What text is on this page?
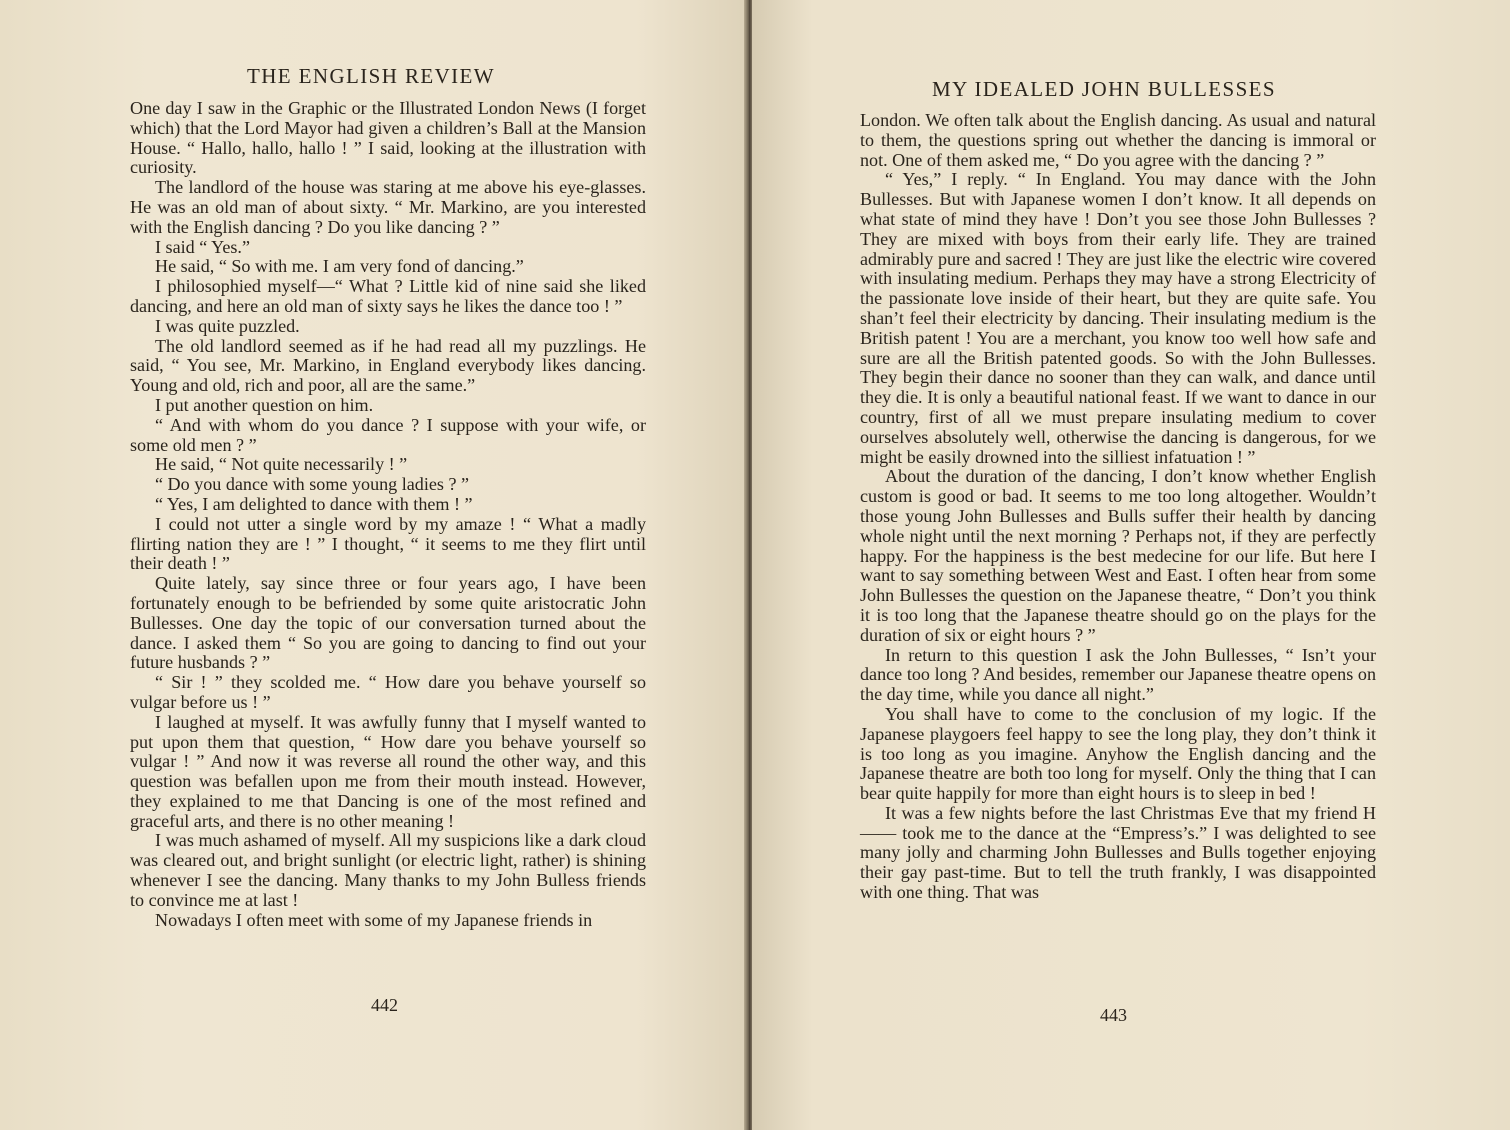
THE ENGLISH REVIEW

One day I saw in the Graphic or the Illustrated London News (I forget which) that the Lord Mayor had given a children’s Ball at the Mansion House. “ Hallo, hallo, hallo ! ” I said, looking at the illustration with curiosity.

The landlord of the house was staring at me above his eye-glasses. He was an old man of about sixty. “ Mr. Markino, are you interested with the English dancing ? Do you like dancing ? ”

I said “ Yes.”

He said, “ So with me. I am very fond of dancing.”

I philosophied myself—“ What ? Little kid of nine said she liked dancing, and here an old man of sixty says he likes the dance too ! ”

I was quite puzzled.

The old landlord seemed as if he had read all my puzzlings. He said, “ You see, Mr. Markino, in England everybody likes dancing. Young and old, rich and poor, all are the same.”

I put another question on him.

“ And with whom do you dance ? I suppose with your wife, or some old men ? ”

He said, “ Not quite necessarily ! ”

“ Do you dance with some young ladies ? ”

“ Yes, I am delighted to dance with them ! ”

I could not utter a single word by my amaze ! “ What a madly flirting nation they are ! ” I thought, “ it seems to me they flirt until their death ! ”

Quite lately, say since three or four years ago, I have been fortunately enough to be befriended by some quite aristocratic John Bullesses. One day the topic of our conversation turned about the dance. I asked them “ So you are going to dancing to find out your future husbands ? ”

“ Sir ! ” they scolded me. “ How dare you behave yourself so vulgar before us ! ”

I laughed at myself. It was awfully funny that I myself wanted to put upon them that question, “ How dare you behave yourself so vulgar ! ” And now it was reverse all round the other way, and this question was befallen upon me from their mouth instead. However, they explained to me that Dancing is one of the most refined and graceful arts, and there is no other meaning !

I was much ashamed of myself. All my suspicions like a dark cloud was cleared out, and bright sunlight (or electric light, rather) is shining whenever I see the dancing. Many thanks to my John Bulless friends to convince me at last !

Nowadays I often meet with some of my Japanese friends in

442
MY IDEALED JOHN BULLESSES

London. We often talk about the English dancing. As usual and natural to them, the questions spring out whether the dancing is immoral or not. One of them asked me, “ Do you agree with the dancing ? ”

“ Yes,” I reply. “ In England. You may dance with the John Bullesses. But with Japanese women I don’t know. It all depends on what state of mind they have ! Don’t you see those John Bullesses ? They are mixed with boys from their early life. They are trained admirably pure and sacred ! They are just like the electric wire covered with insulating medium. Perhaps they may have a strong Electricity of the passionate love inside of their heart, but they are quite safe. You shan’t feel their electricity by dancing. Their insulating medium is the British patent ! You are a merchant, you know too well how safe and sure are all the British patented goods. So with the John Bullesses. They begin their dance no sooner than they can walk, and dance until they die. It is only a beautiful national feast. If we want to dance in our country, first of all we must prepare insulating medium to cover ourselves absolutely well, otherwise the dancing is dangerous, for we might be easily drowned into the silliest infatuation ! ”

About the duration of the dancing, I don’t know whether English custom is good or bad. It seems to me too long altogether. Wouldn’t those young John Bullesses and Bulls suffer their health by dancing whole night until the next morning ? Perhaps not, if they are perfectly happy. For the happiness is the best medecine for our life. But here I want to say something between West and East. I often hear from some John Bullesses the question on the Japanese theatre, “ Don’t you think it is too long that the Japanese theatre should go on the plays for the duration of six or eight hours ? ”

In return to this question I ask the John Bullesses, “ Isn’t your dance too long ? And besides, remember our Japanese theatre opens on the day time, while you dance all night.”

You shall have to come to the conclusion of my logic. If the Japanese playgoers feel happy to see the long play, they don’t think it is too long as you imagine. Anyhow the English dancing and the Japanese theatre are both too long for myself. Only the thing that I can bear quite happily for more than eight hours is to sleep in bed !

It was a few nights before the last Christmas Eve that my friend H—— took me to the dance at the “Empress’s.” I was delighted to see many jolly and charming John Bullesses and Bulls together enjoying their gay past-time. But to tell the truth frankly, I was disappointed with one thing. That was

443
